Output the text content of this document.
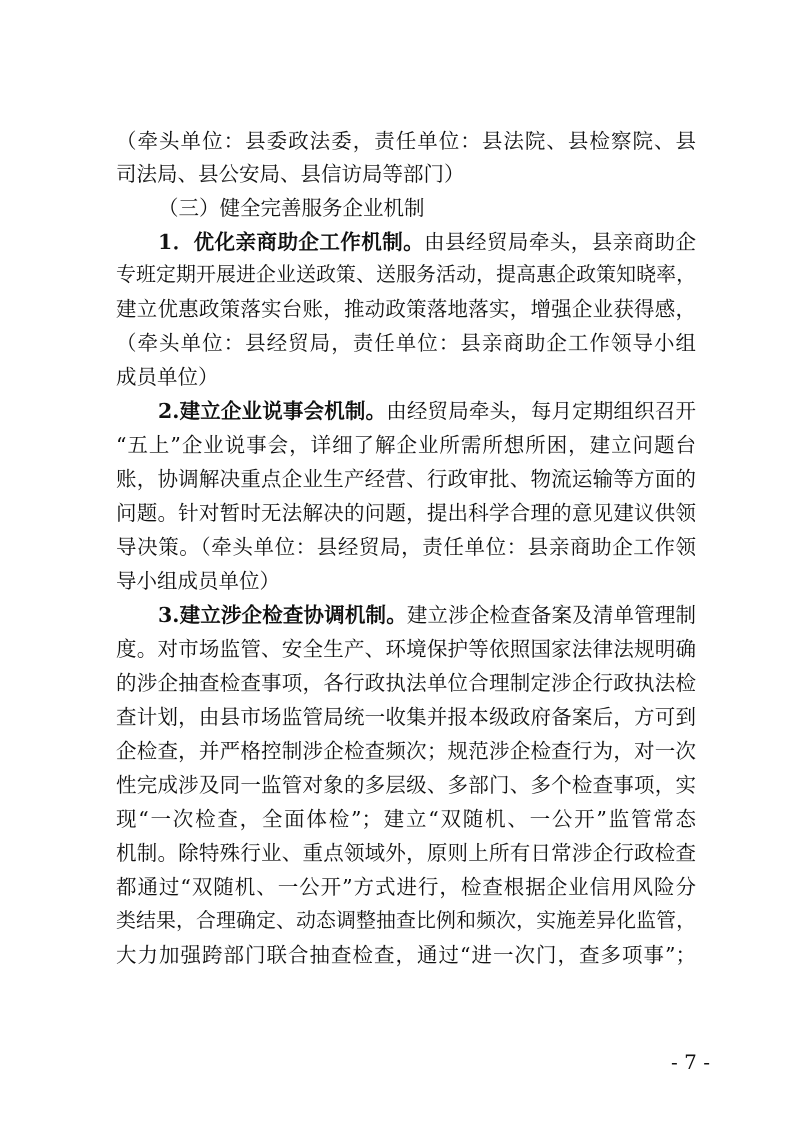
（牵头单位：县委政法委，责任单位：县法院、县检察院、县
司法局、县公安局、县信访局等部门）
（三）健全完善服务企业机制
1．优化亲商助企工作机制。由县经贸局牵头，县亲商助企
专班定期开展进企业送政策、送服务活动，提高惠企政策知晓率，
建立优惠政策落实台账，推动政策落地落实，增强企业获得感，
（牵头单位：县经贸局，责任单位：县亲商助企工作领导小组
成员单位）
2.建立企业说事会机制。由经贸局牵头，每月定期组织召开
“五上”企业说事会，详细了解企业所需所想所困，建立问题台
账，协调解决重点企业生产经营、行政审批、物流运输等方面的
问题。针对暂时无法解决的问题，提出科学合理的意见建议供领
导决策。（牵头单位：县经贸局，责任单位：县亲商助企工作领
导小组成员单位）
3.建立涉企检查协调机制。建立涉企检查备案及清单管理制
度。对市场监管、安全生产、环境保护等依照国家法律法规明确
的涉企抽查检查事项，各行政执法单位合理制定涉企行政执法检
查计划，由县市场监管局统一收集并报本级政府备案后，方可到
企检查，并严格控制涉企检查频次；规范涉企检查行为，对一次
性完成涉及同一监管对象的多层级、多部门、多个检查事项，实
现“一次检查，全面体检”；建立“双随机、一公开”监管常态
机制。除特殊行业、重点领域外，原则上所有日常涉企行政检查
都通过“双随机、一公开”方式进行，检查根据企业信用风险分
类结果，合理确定、动态调整抽查比例和频次，实施差异化监管，
大力加强跨部门联合抽查检查，通过“进一次门，查多项事”；
- 7 -
